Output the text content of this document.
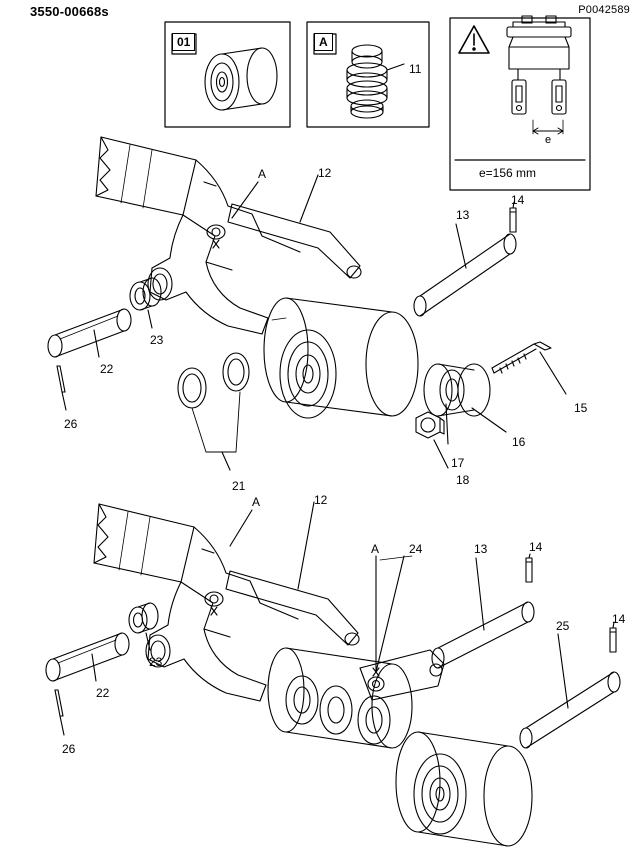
3550-00668s	P0042589
01	A
e=156 mm
e
11
12
A
13
14
23
22
26
21
15
16
17
18
A	12
A 24	13	14
14
25
23
22
26
